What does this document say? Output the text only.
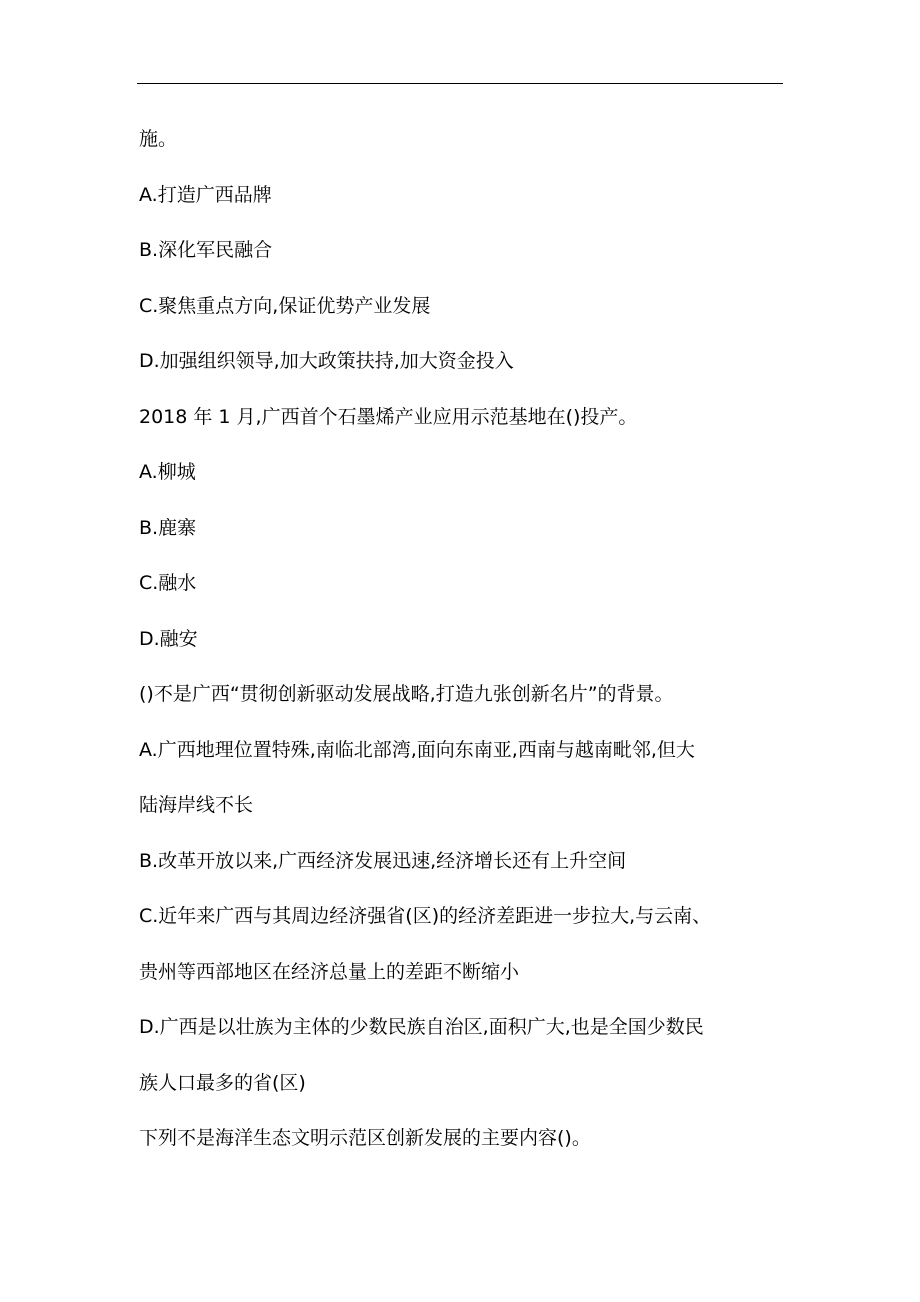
施。
A.打造广西品牌
B.深化军民融合
C.聚焦重点方向,保证优势产业发展
D.加强组织领导,加大政策扶持,加大资金投入
2018 年 1 月,广西首个石墨烯产业应用示范基地在()投产。
A.柳城
B.鹿寨
C.融水
D.融安
()不是广西“贯彻创新驱动发展战略,打造九张创新名片”的背景。
A.广西地理位置特殊,南临北部湾,面向东南亚,西南与越南毗邻,但大
陆海岸线不长
B.改革开放以来,广西经济发展迅速,经济增长还有上升空间
C.近年来广西与其周边经济强省(区)的经济差距进一步拉大,与云南、
贵州等西部地区在经济总量上的差距不断缩小
D.广西是以壮族为主体的少数民族自治区,面积广大,也是全国少数民
族人口最多的省(区)
下列不是海洋生态文明示范区创新发展的主要内容()。
